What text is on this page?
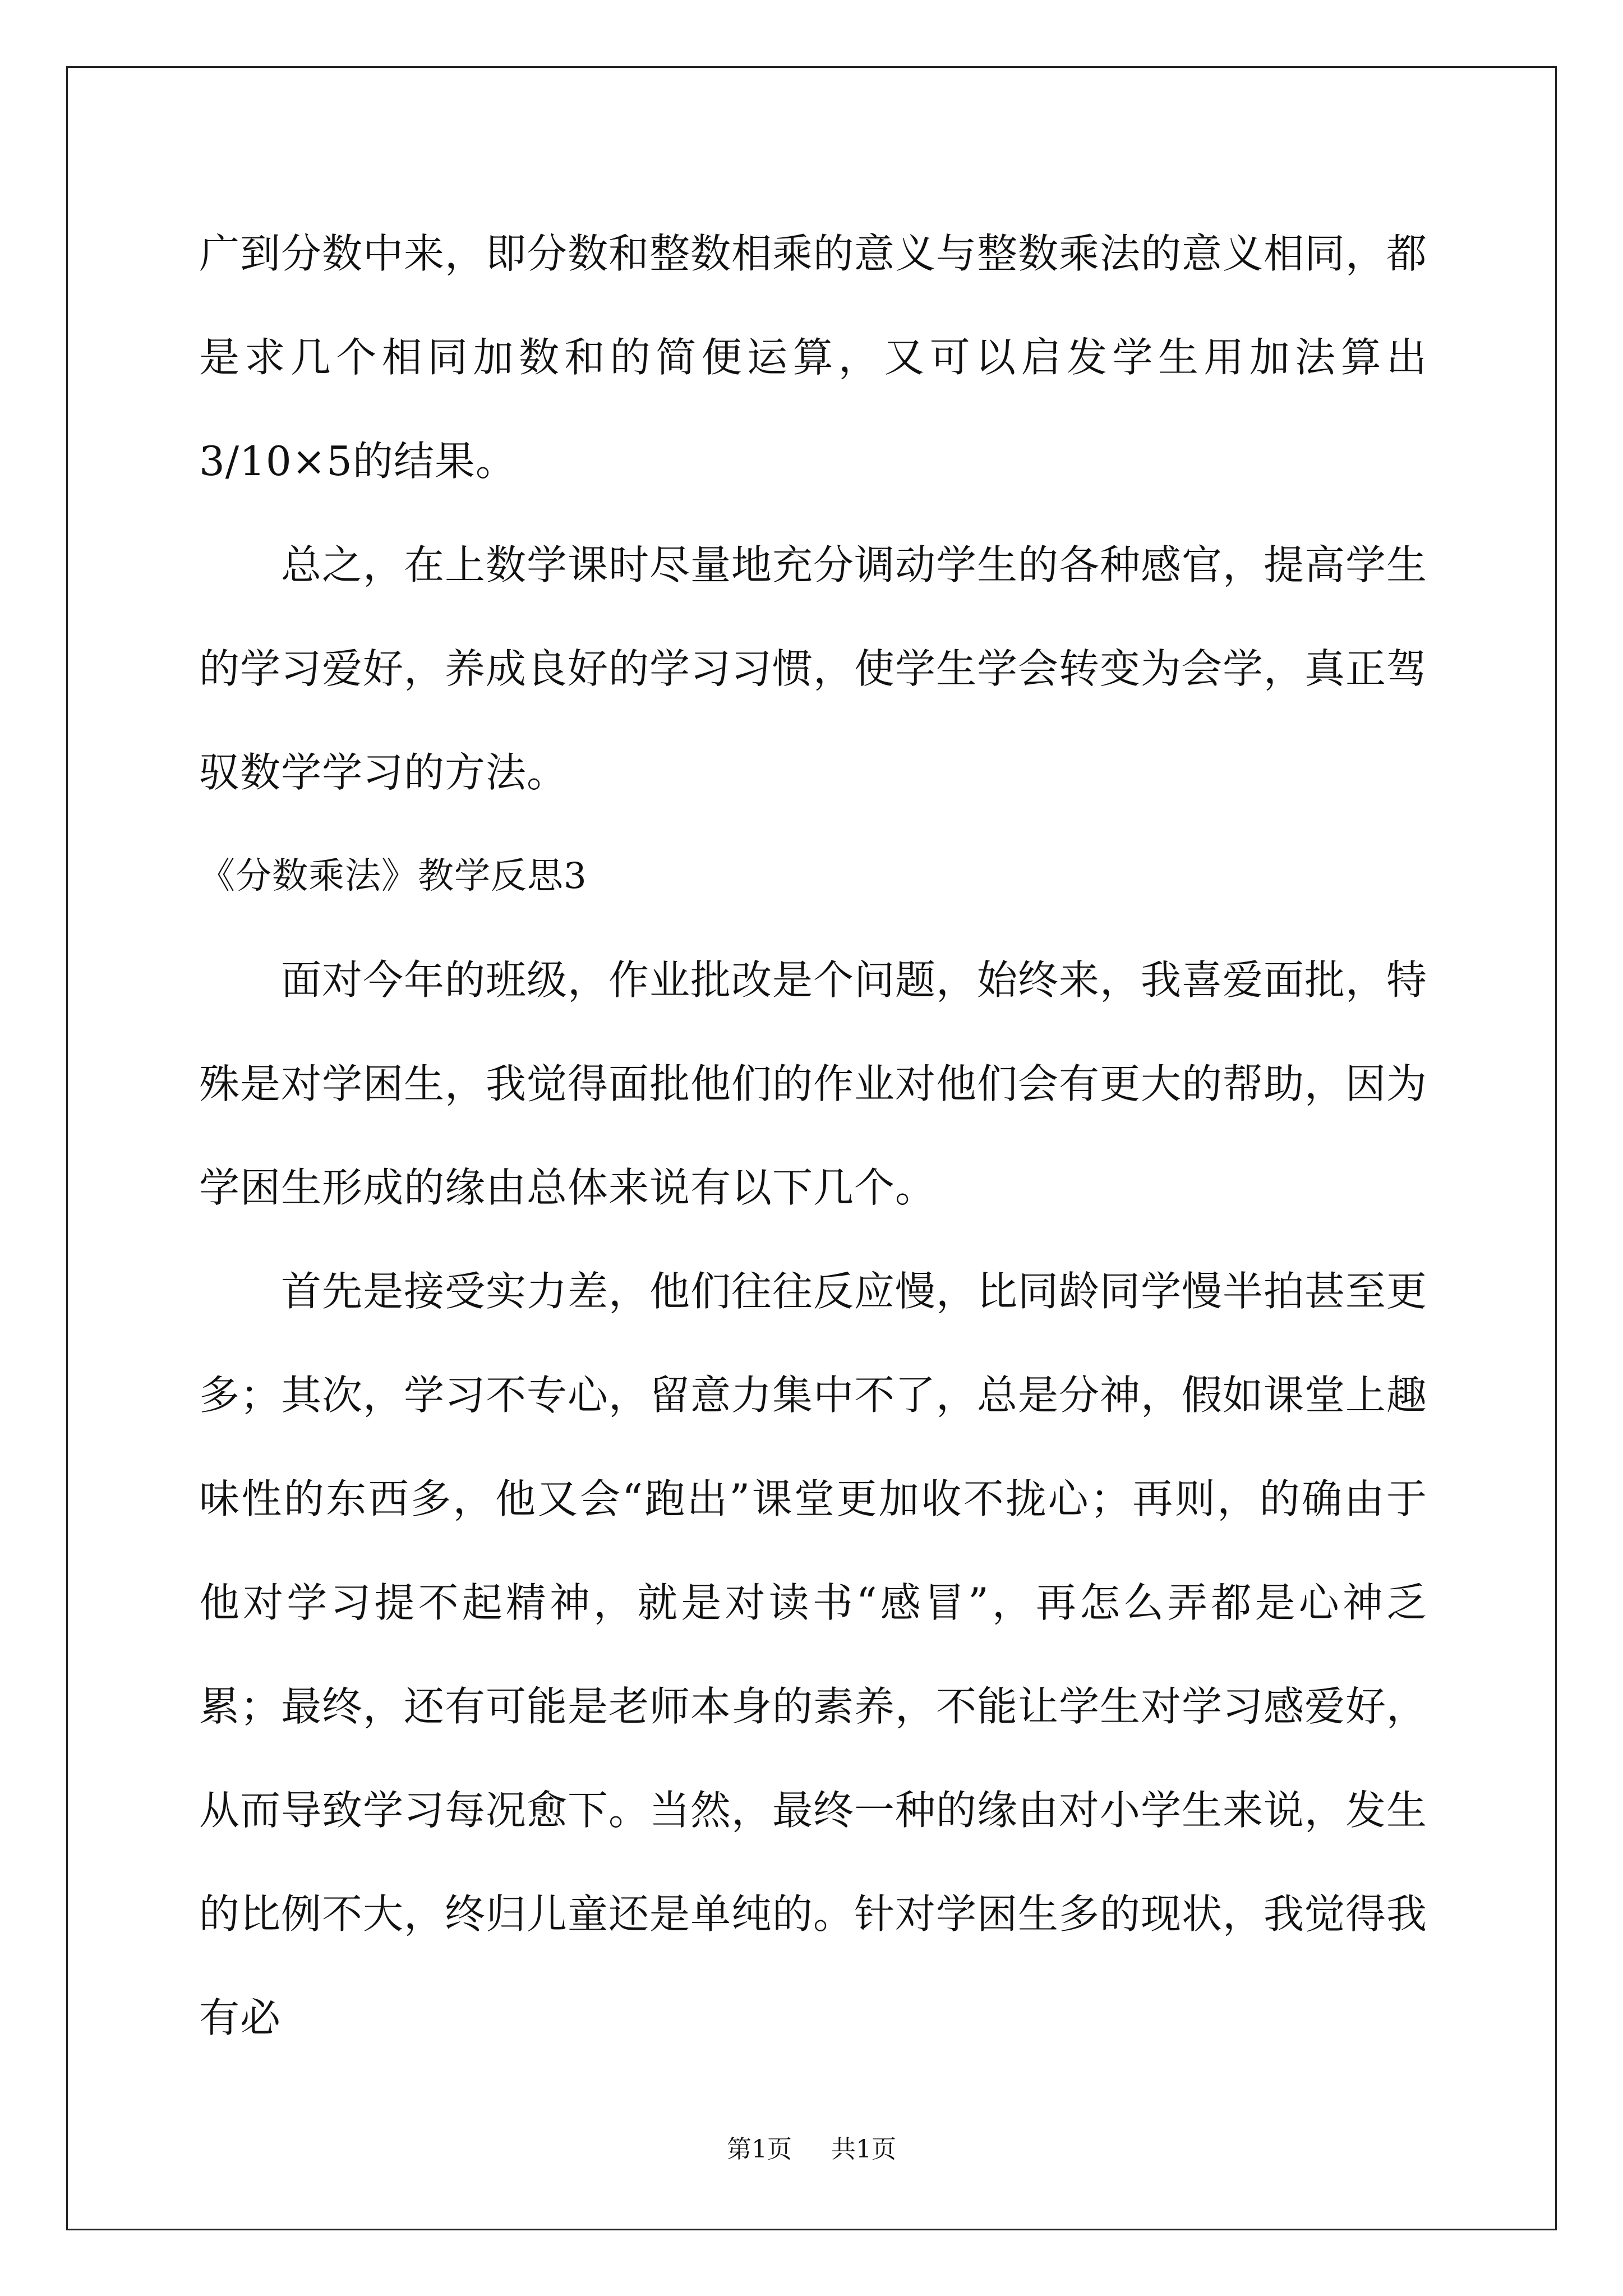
广到分数中来，即分数和整数相乘的意义与整数乘法的意义相同，都是求几个相同加数和的简便运算，又可以启发学生用加法算出3/10×5的结果。

总之，在上数学课时尽量地充分调动学生的各种感官，提高学生的学习爱好，养成良好的学习习惯，使学生学会转变为会学，真正驾驭数学学习的方法。

《分数乘法》教学反思3

面对今年的班级，作业批改是个问题，始终来，我喜爱面批，特殊是对学困生，我觉得面批他们的作业对他们会有更大的帮助，因为学困生形成的缘由总体来说有以下几个。

首先是接受实力差，他们往往反应慢，比同龄同学慢半拍甚至更多；其次，学习不专心，留意力集中不了，总是分神，假如课堂上趣味性的东西多，他又会“跑出”课堂更加收不拢心；再则，的确由于他对学习提不起精神，就是对读书“感冒”，再怎么弄都是心神乏累；最终，还有可能是老师本身的素养，不能让学生对学习感爱好，从而导致学习每况愈下。当然，最终一种的缘由对小学生来说，发生的比例不大，终归儿童还是单纯的。针对学困生多的现状，我觉得我有必

第1页 共1页
